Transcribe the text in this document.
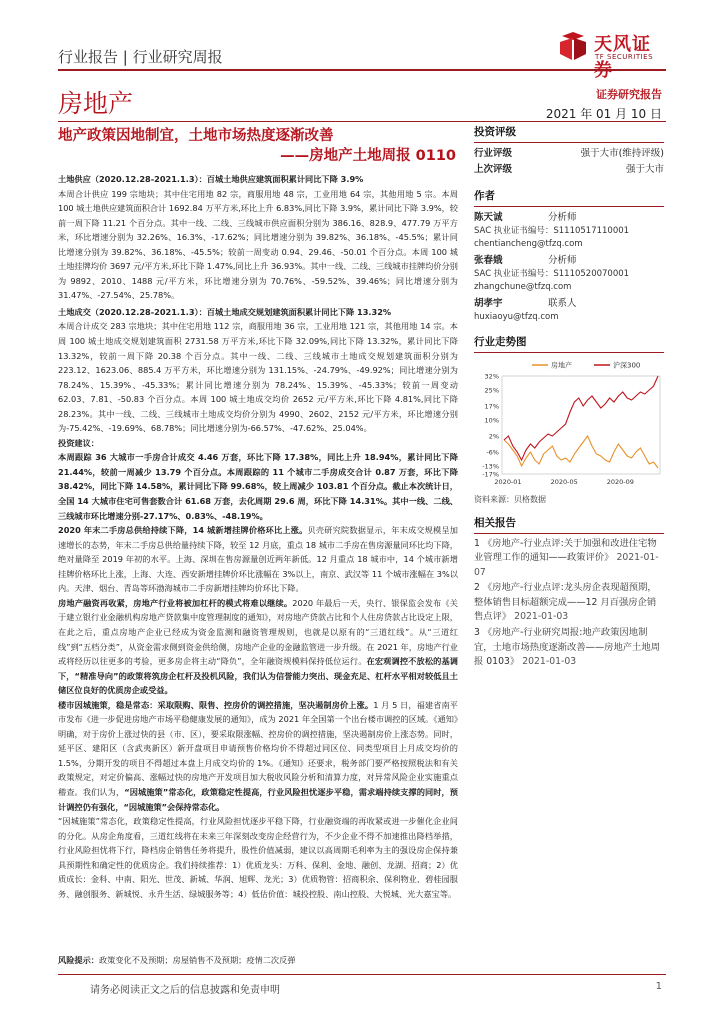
行业报告 | 行业研究周报
天风证券
TF SECURITIES
房地产	证券研究报告
2021 年 01 月 10 日
地产政策因地制宜，土地市场热度逐渐改善
——房地产土地周报 0110

土地供应（2020.12.28-2021.1.3）：百城土地供应建筑面积累计同比下降 3.9%

本周合计供应 199 宗地块；其中住宅用地 82 宗，商服用地 48 宗，工业用地 64 宗，其他用地 5 宗。本周 100 城土地供应建筑面积合计 1692.84 万平方米,环比上升 6.83%,同比下降 3.9%，累计同比下降 3.9%，较前一周下降 11.21 个百分点。其中一线、二线、三线城市供应面积分别为 386.16、828.9、477.79 万平方米，环比增速分别为 32.26%、16.3%、-17.62%；同比增速分别为 39.82%、36.18%、-45.5%；累计同比增速分别为 39.82%、36.18%、-45.5%；较前一周变动 0.94、29.46、-50.01 个百分点。本周 100 城土地挂牌均价 3697 元/平方米,环比下降 1.47%,同比上升 36.93%。其中一线、二线、三线城市挂牌均价分别为 9892、2010、1488 元/平方米，环比增速分别为 70.76%、-59.52%、39.46%；同比增速分别为 31.47%、-27.54%、25.78%。

土地成交（2020.12.28-2021.1.3）：百城土地成交规划建筑面积累计同比下降 13.32%

本周合计成交 283 宗地块；其中住宅用地 112 宗，商服用地 36 宗，工业用地 121 宗，其他用地 14 宗。本周 100 城土地成交规划建筑面积 2731.58 万平方米,环比下降 32.09%,同比下降 13.32%，累计同比下降 13.32%，较前一周下降 20.38 个百分点。其中一线、二线、三线城市土地成交规划建筑面积分别为 223.12、1623.06、885.4 万平方米，环比增速分别为 131.15%、-24.79%、-49.92%；同比增速分别为 78.24%、15.39%、-45.33%；累计同比增速分别为 78.24%、15.39%、-45.33%；较前一周变动 62.03、7.81、-50.83 个百分点。本周 100 城土地成交均价 2652 元/平方米,环比下降 4.81%,同比下降 28.23%。其中一线、二线、三线城市土地成交均价分别为 4990、2602、2152 元/平方米，环比增速分别为-75.42%、-19.69%、68.78%；同比增速分别为-66.57%、-47.62%、25.04%。

投资建议：

本周跟踪 36 大城市一手房合计成交 4.46 万套，环比下降 17.38%，同比上升 18.94%，累计同比下降 21.44%，较前一周减少 13.79 个百分点。本周跟踪的 11 个城市二手房成交合计 0.87 万套，环比下降 38.42%，同比下降 14.58%，累计同比下降 99.68%，较上周减少 103.81 个百分点。截止本次统计日，全国 14 大城市住宅可售套数合计 61.68 万套，去化周期 29.6 周，环比下降 14.31%。其中一线、二线、三线城市环比增速分别-27.17%、0.83%、-48.19%。

2020 年末二手房总供给持续下降，14 城新增挂牌价格环比上涨。贝壳研究院数据显示，年末成交规模呈加速增长的态势，年末二手房总供给量持续下降，较至 12 月底，重点 18 城市二手房在售房源量同环比均下降，绝对量降至 2019 年初的水平。上海、深圳在售房源量创近两年新低。12 月重点 18 城市中，14 个城市新增挂牌价格环比上涨，上海、大连、西安新增挂牌价环比涨幅在 3%以上，南京、武汉等 11 个城市涨幅在 3%以内。天津、烟台、青岛等环渤海城市二手房新增挂牌均价环比下降。

房地产融资再收紧，房地产行业将被加杠杆的模式将难以继续。2020 年最后一天，央行、银保监会发布《关于建立银行业金融机构房地产贷款集中度管理制度的通知》，对房地产贷款占比和个人住房贷款占比设定上限，在此之后，重点房地产企业已经成为资金监测和融资管理规则，也就是以原有的“三道红线”。从“三道红线”到“五档分类”，从资金需求侧到资金供给侧，房地产企业的金融监管进一步升级。在 2021 年，房地产行业或将经历以往更多的考验，更多房企将主动“降负”，全年融资规模料保持低位运行。在宏观调控不放松的基调下，“精准导向”的政策将筑房企杠杆及投机风险，我们认为信誉能力突出、现金充足、杠杆水平相对较低且土储区位良好的优质房企或受益。

楼市因城施策，稳是常态：采取限购、限售、控房价的调控措施，坚决遏制房价上涨。1 月 5 日，福建省南平市发布《进一步促进房地产市场平稳健康发展的通知》，成为 2021 年全国第一个出台楼市调控的区域。《通知》明确，对于房价上涨过快的县（市、区），要采取限涨幅、控房价的调控措施，坚决遏制房价上涨态势。同时，延平区、建阳区（含武夷新区）新开盘项目申请预售价格均价不得超过同区位、同类型项目上月成交均价的 1.5%，分期开发的项目不得超过本盘上月成交均价的 1%。《通知》还要求，税务部门要严格按照税法和有关政策规定，对定价偏高、涨幅过快的房地产开发项目加大税收风险分析和清算力度，对异常风险企业实施重点稽查。我们认为，“因城施策”常态化，政策稳定性提高，行业风险担忧逐步平稳，需求端持续支撑的同时，预计调控仍有强化，“因城施策”会保持常态化。

“因城施策”常态化，政策稳定性提高，行业风险担忧逐步平稳下降，行业融资端的再收紧或进一步催化企业间的分化。从房企角度看，三道红线将在未来三年深刻改变房企经营行为，不少企业不得不加速推出降档举措，行业风险担忧将下行，降档房企销售任务将提升，股性价值减弱，建议以高周期毛利率为主的强设房企保持兼具预期性和确定性的优质房企。我们持续推荐：1）优质龙头：万科、保利、金地、融创、龙湖、招商；2）优质成长：金科、中南、阳光、世茂、新城、华润、旭辉、龙光；3）优质物管：招商积余、保利物业、碧桂园服务、融创服务、新城悦、永升生活、绿城服务等；4）低估价值：城投控股、南山控股、大悦城、光大嘉宝等。

风险提示：政策变化不及预期；房屋销售不及预期；疫情二次反弹
请务必阅读正文之后的信息披露和免责申明	1
投资评级
行业评级	强于大市(维持评级)
上次评级	强于大市
作者
陈天诚	分析师
SAC 执业证书编号：S1110517110001
chentiancheng@tfzq.com
张春娥	分析师
SAC 执业证书编号：S1110520070001
zhangchune@tfzq.com
胡孝宇	联系人
huxiaoyu@tfzq.com
行业走势图
32%
25%
17%
10%
2%
-6%
-13%
-17%
2020-01	2020-05	2020-09
房地产	沪深300
资料来源：贝格数据
相关报告
1 《房地产-行业点评:关于加强和改进住宅物业管理工作的通知——政策评价》 2021-01-07
2 《房地产-行业点评:龙头房企表现超预期，整体销售目标超额完成——12 月百强房企销售点评》 2021-01-03
3 《房地产-行业研究周报:地产政策因地制宜，土地市场热度逐渐改善——房地产土地周报 0103》 2021-01-03
